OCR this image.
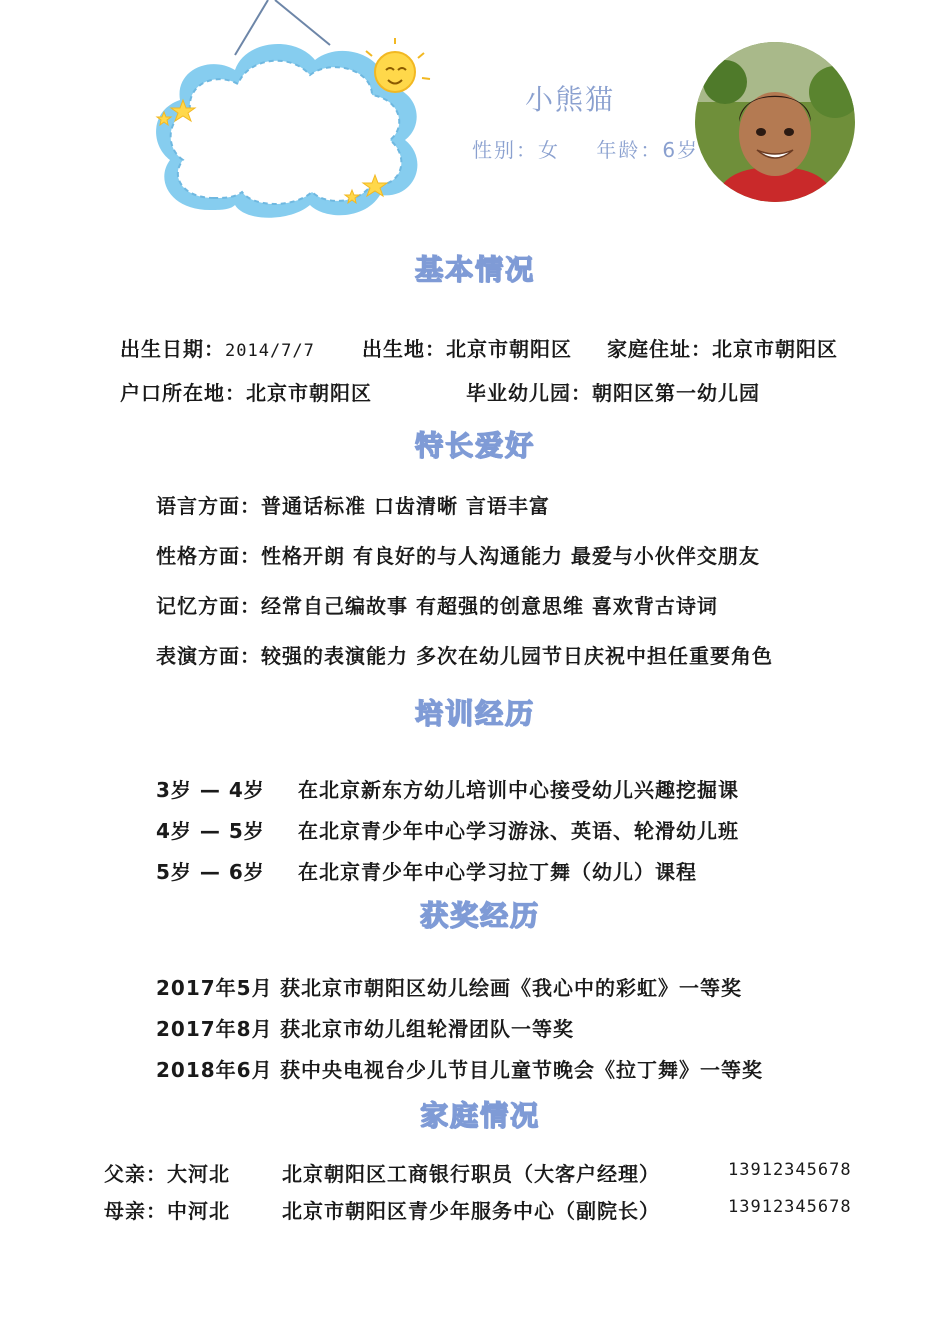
小熊猫
性别：女 年龄：6岁
基本情况
出生日期：2014/7/7 出生地：北京市朝阳区 家庭住址：北京市朝阳区
户口所在地：北京市朝阳区	毕业幼儿园：朝阳区第一幼儿园
特长爱好
语言方面：普通话标准 口齿清晰 言语丰富
性格方面：性格开朗 有良好的与人沟通能力 最爱与小伙伴交朋友
记忆方面：经常自己编故事 有超强的创意思维 喜欢背古诗词
表演方面：较强的表演能力 多次在幼儿园节日庆祝中担任重要角色
培训经历
3岁 — 4岁 在北京新东方幼儿培训中心接受幼儿兴趣挖掘课
4岁 — 5岁 在北京青少年中心学习游泳、英语、轮滑幼儿班
5岁 — 6岁 在北京青少年中心学习拉丁舞（幼儿）课程
获奖经历
2017年5月 获北京市朝阳区幼儿绘画《我心中的彩虹》一等奖
2017年8月 获北京市幼儿组轮滑团队一等奖
2018年6月 获中央电视台少儿节目儿童节晚会《拉丁舞》一等奖
家庭情况
父亲：大河北	北京朝阳区工商银行职员（大客户经理）	13912345678
母亲：中河北	北京市朝阳区青少年服务中心（副院长）	13912345678
